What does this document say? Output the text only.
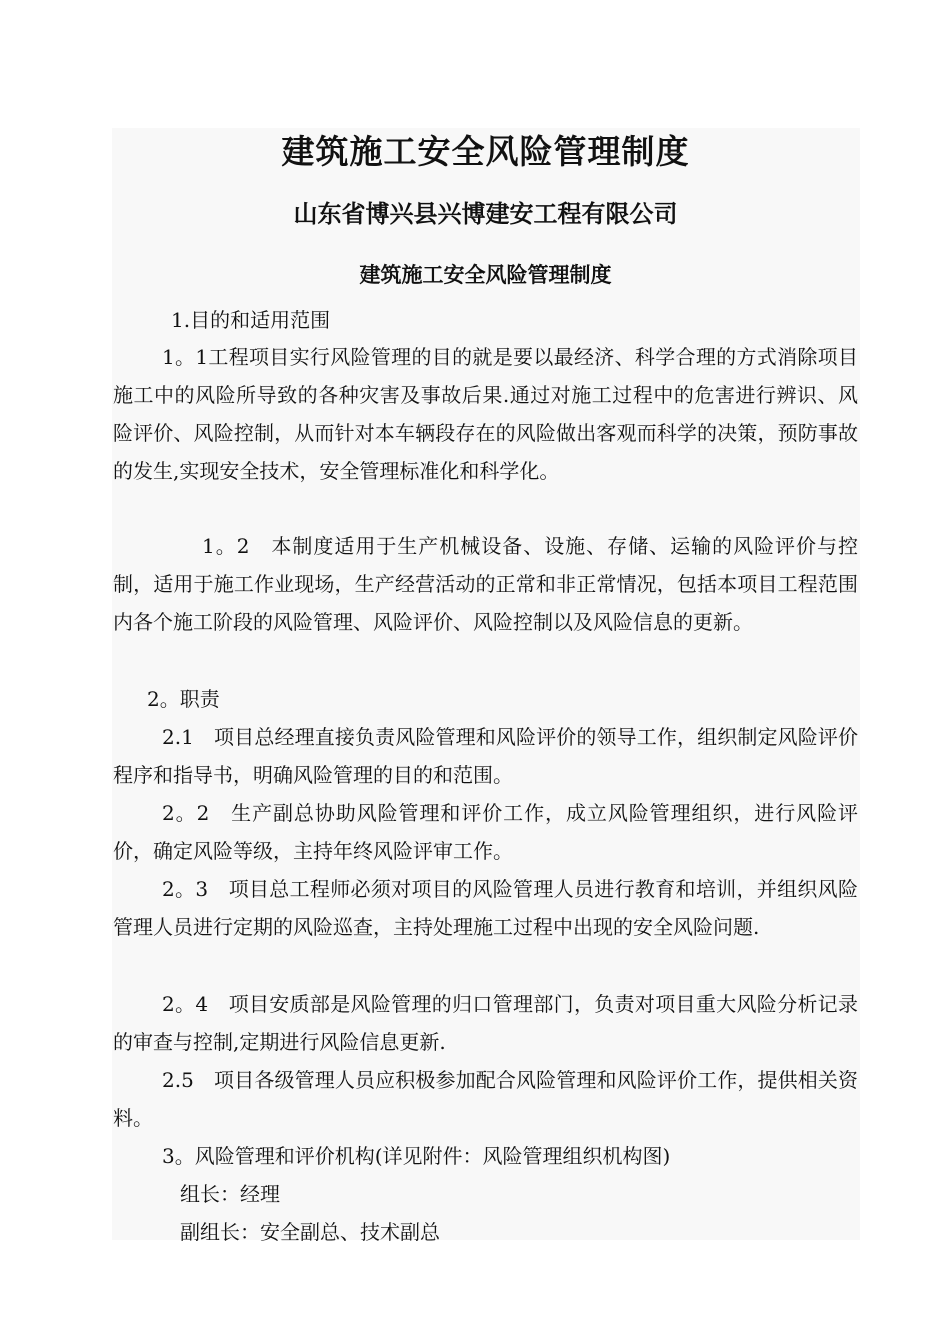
建筑施工安全风险管理制度
山东省博兴县兴博建安工程有限公司
建筑施工安全风险管理制度

1.目的和适用范围

1。1工程项目实行风险管理的目的就是要以最经济、科学合理的方式消除项目施工中的风险所导致的各种灾害及事故后果.通过对施工过程中的危害进行辨识、风险评价、风险控制，从而针对本车辆段存在的风险做出客观而科学的决策，预防事故的发生,实现安全技术，安全管理标准化和科学化。

1。2　本制度适用于生产机械设备、设施、存储、运输的风险评价与控制，适用于施工作业现场，生产经营活动的正常和非正常情况，包括本项目工程范围内各个施工阶段的风险管理、风险评价、风险控制以及风险信息的更新。

2。职责

2.1　项目总经理直接负责风险管理和风险评价的领导工作，组织制定风险评价程序和指导书，明确风险管理的目的和范围。

2。2　生产副总协助风险管理和评价工作，成立风险管理组织，进行风险评价，确定风险等级，主持年终风险评审工作。

2。3　项目总工程师必须对项目的风险管理人员进行教育和培训，并组织风险管理人员进行定期的风险巡查，主持处理施工过程中出现的安全风险问题.

2。4　项目安质部是风险管理的归口管理部门，负责对项目重大风险分析记录的审查与控制,定期进行风险信息更新.

2.5　项目各级管理人员应积极参加配合风险管理和风险评价工作，提供相关资料。

3。风险管理和评价机构(详见附件：风险管理组织机构图)

组长：经理

副组长：安全副总、技术副总
